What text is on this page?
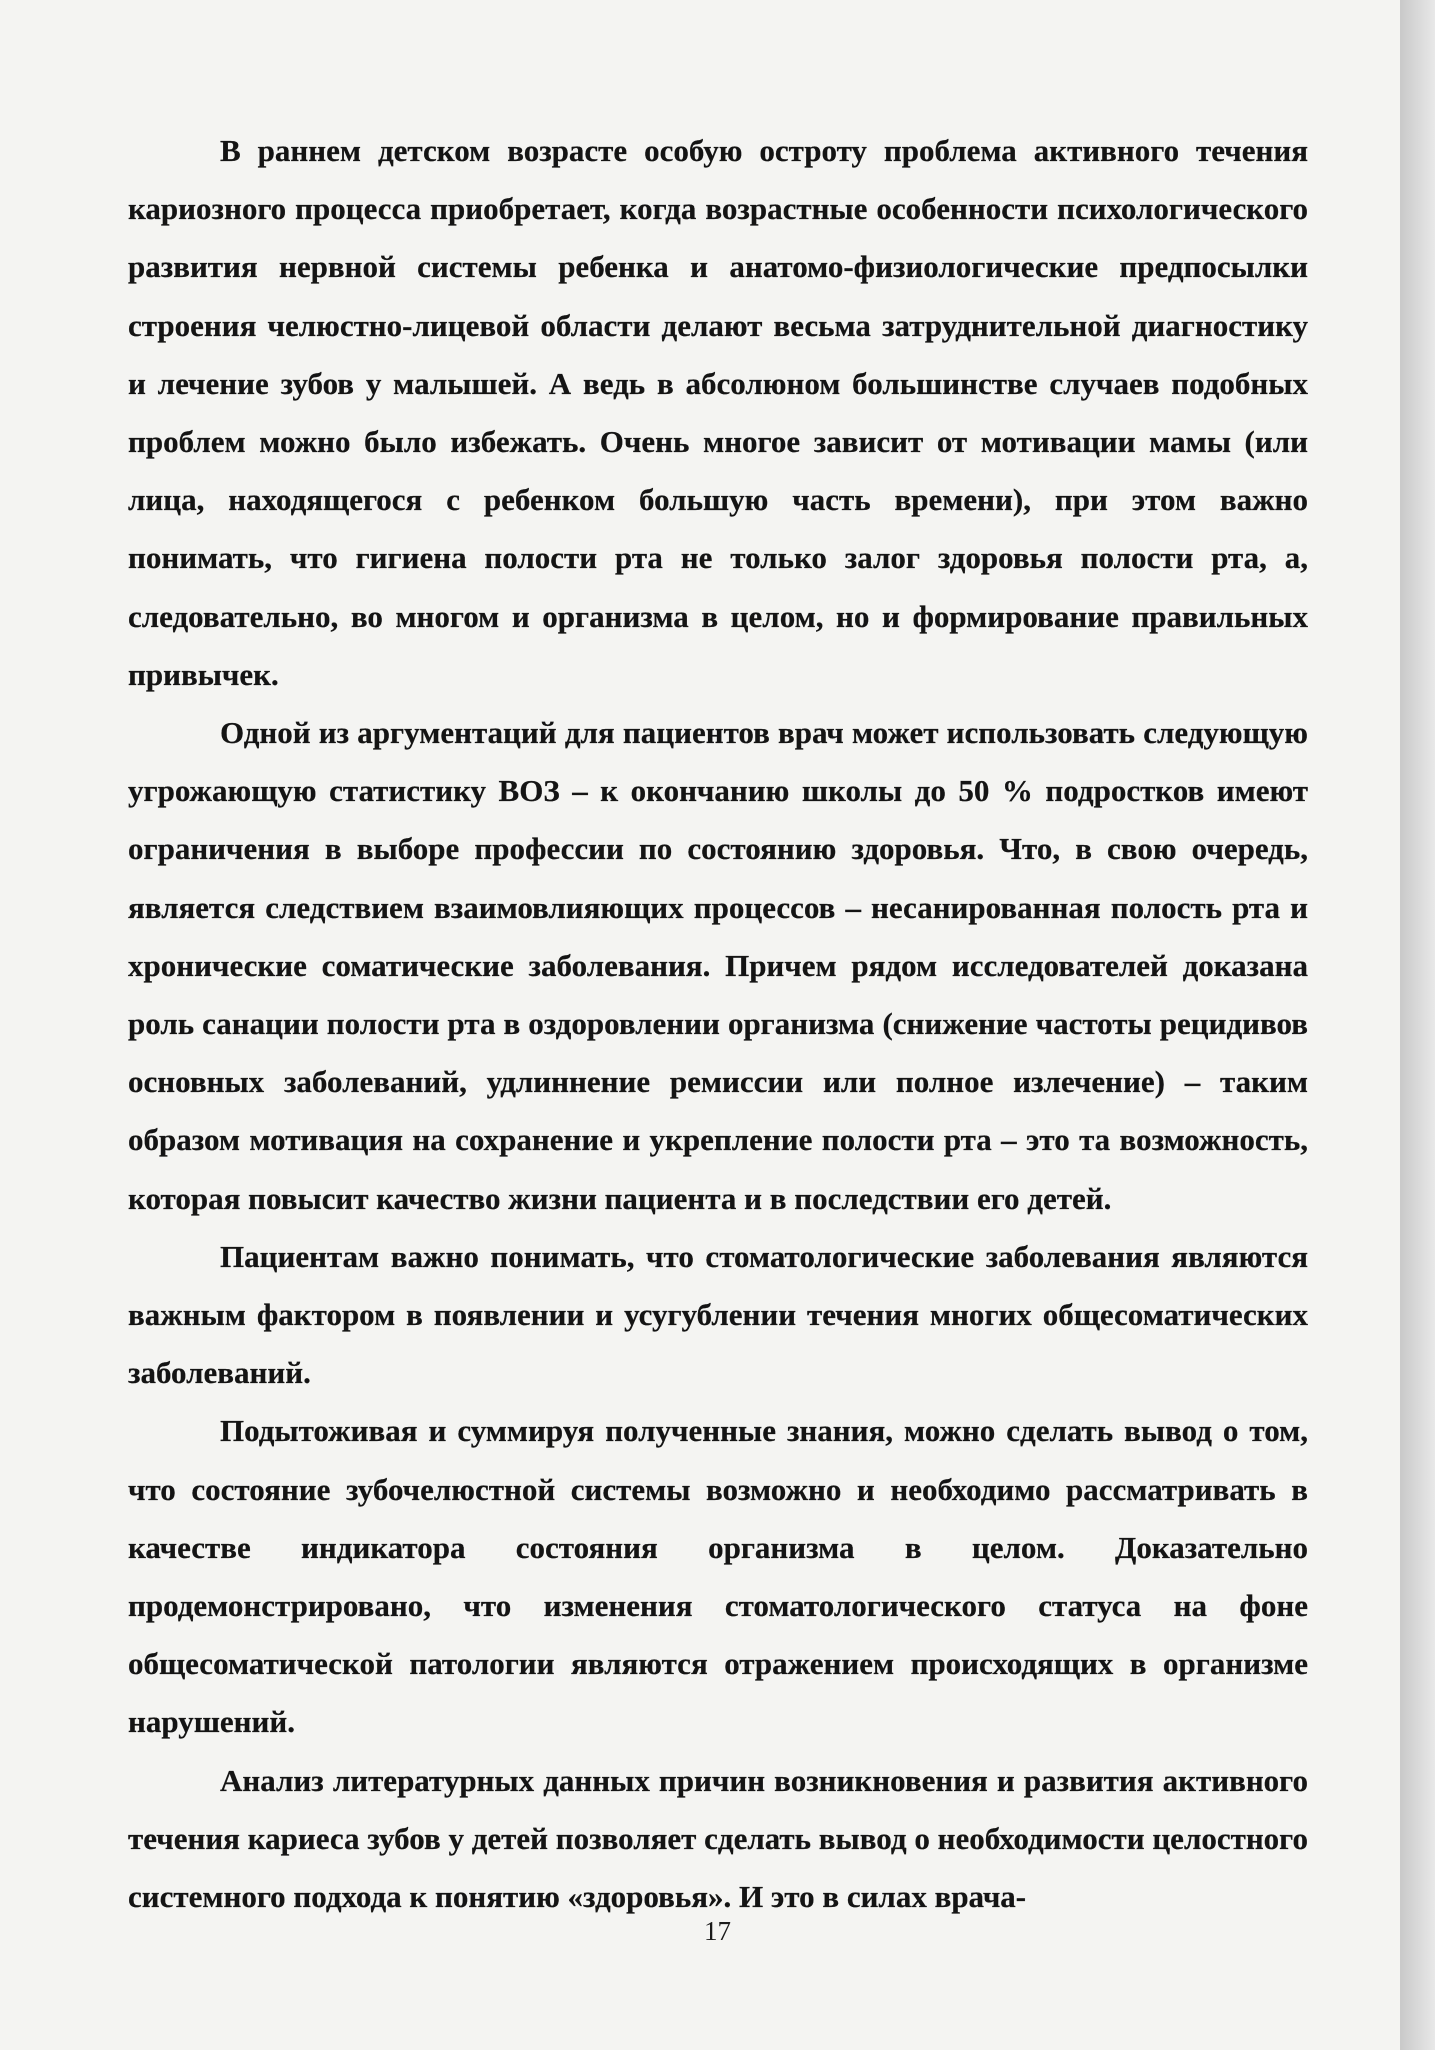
В раннем детском возрасте особую остроту проблема активного течения кариозного процесса приобретает, когда возрастные особенности психологического развития нервной системы ребенка и анатомо-физиологические предпосылки строения челюстно-лицевой области делают весьма затруднительной диагностику и лечение зубов у малышей. А ведь в абсолюном большинстве случаев подобных проблем можно было избежать. Очень многое зависит от мотивации мамы (или лица, находящегося с ребенком большую часть времени), при этом важно понимать, что гигиена полости рта не только залог здоровья полости рта, а, следовательно, во многом и организма в целом, но и формирование правильных привычек.

Одной из аргументаций для пациентов врач может использовать следующую угрожающую статистику ВОЗ – к окончанию школы до 50 % подростков имеют ограничения в выборе профессии по состоянию здоровья. Что, в свою очередь, является следствием взаимовлияющих процессов – несанированная полость рта и хронические соматические заболевания. Причем рядом исследователей доказана роль санации полости рта в оздоровлении организма (снижение частоты рецидивов основных заболеваний, удлиннение ремиссии или полное излечение) – таким образом мотивация на сохранение и укрепление полости рта – это та возможность, которая повысит качество жизни пациента и в последствии его детей.

Пациентам важно понимать, что стоматологические заболевания являются важным фактором в появлении и усугублении течения многих общесоматических заболеваний.

Подытоживая и суммируя полученные знания, можно сделать вывод о том, что состояние зубочелюстной системы возможно и необходимо рассматривать в качестве индикатора состояния организма в целом. Доказательно продемонстрировано, что изменения стоматологического статуса на фоне общесоматической патологии являются отражением происходящих в организме нарушений.

Анализ литературных данных причин возникновения и развития активного течения кариеса зубов у детей позволяет сделать вывод о необходимости целостного системного подхода к понятию «здоровья». И это в силах врача-

17
